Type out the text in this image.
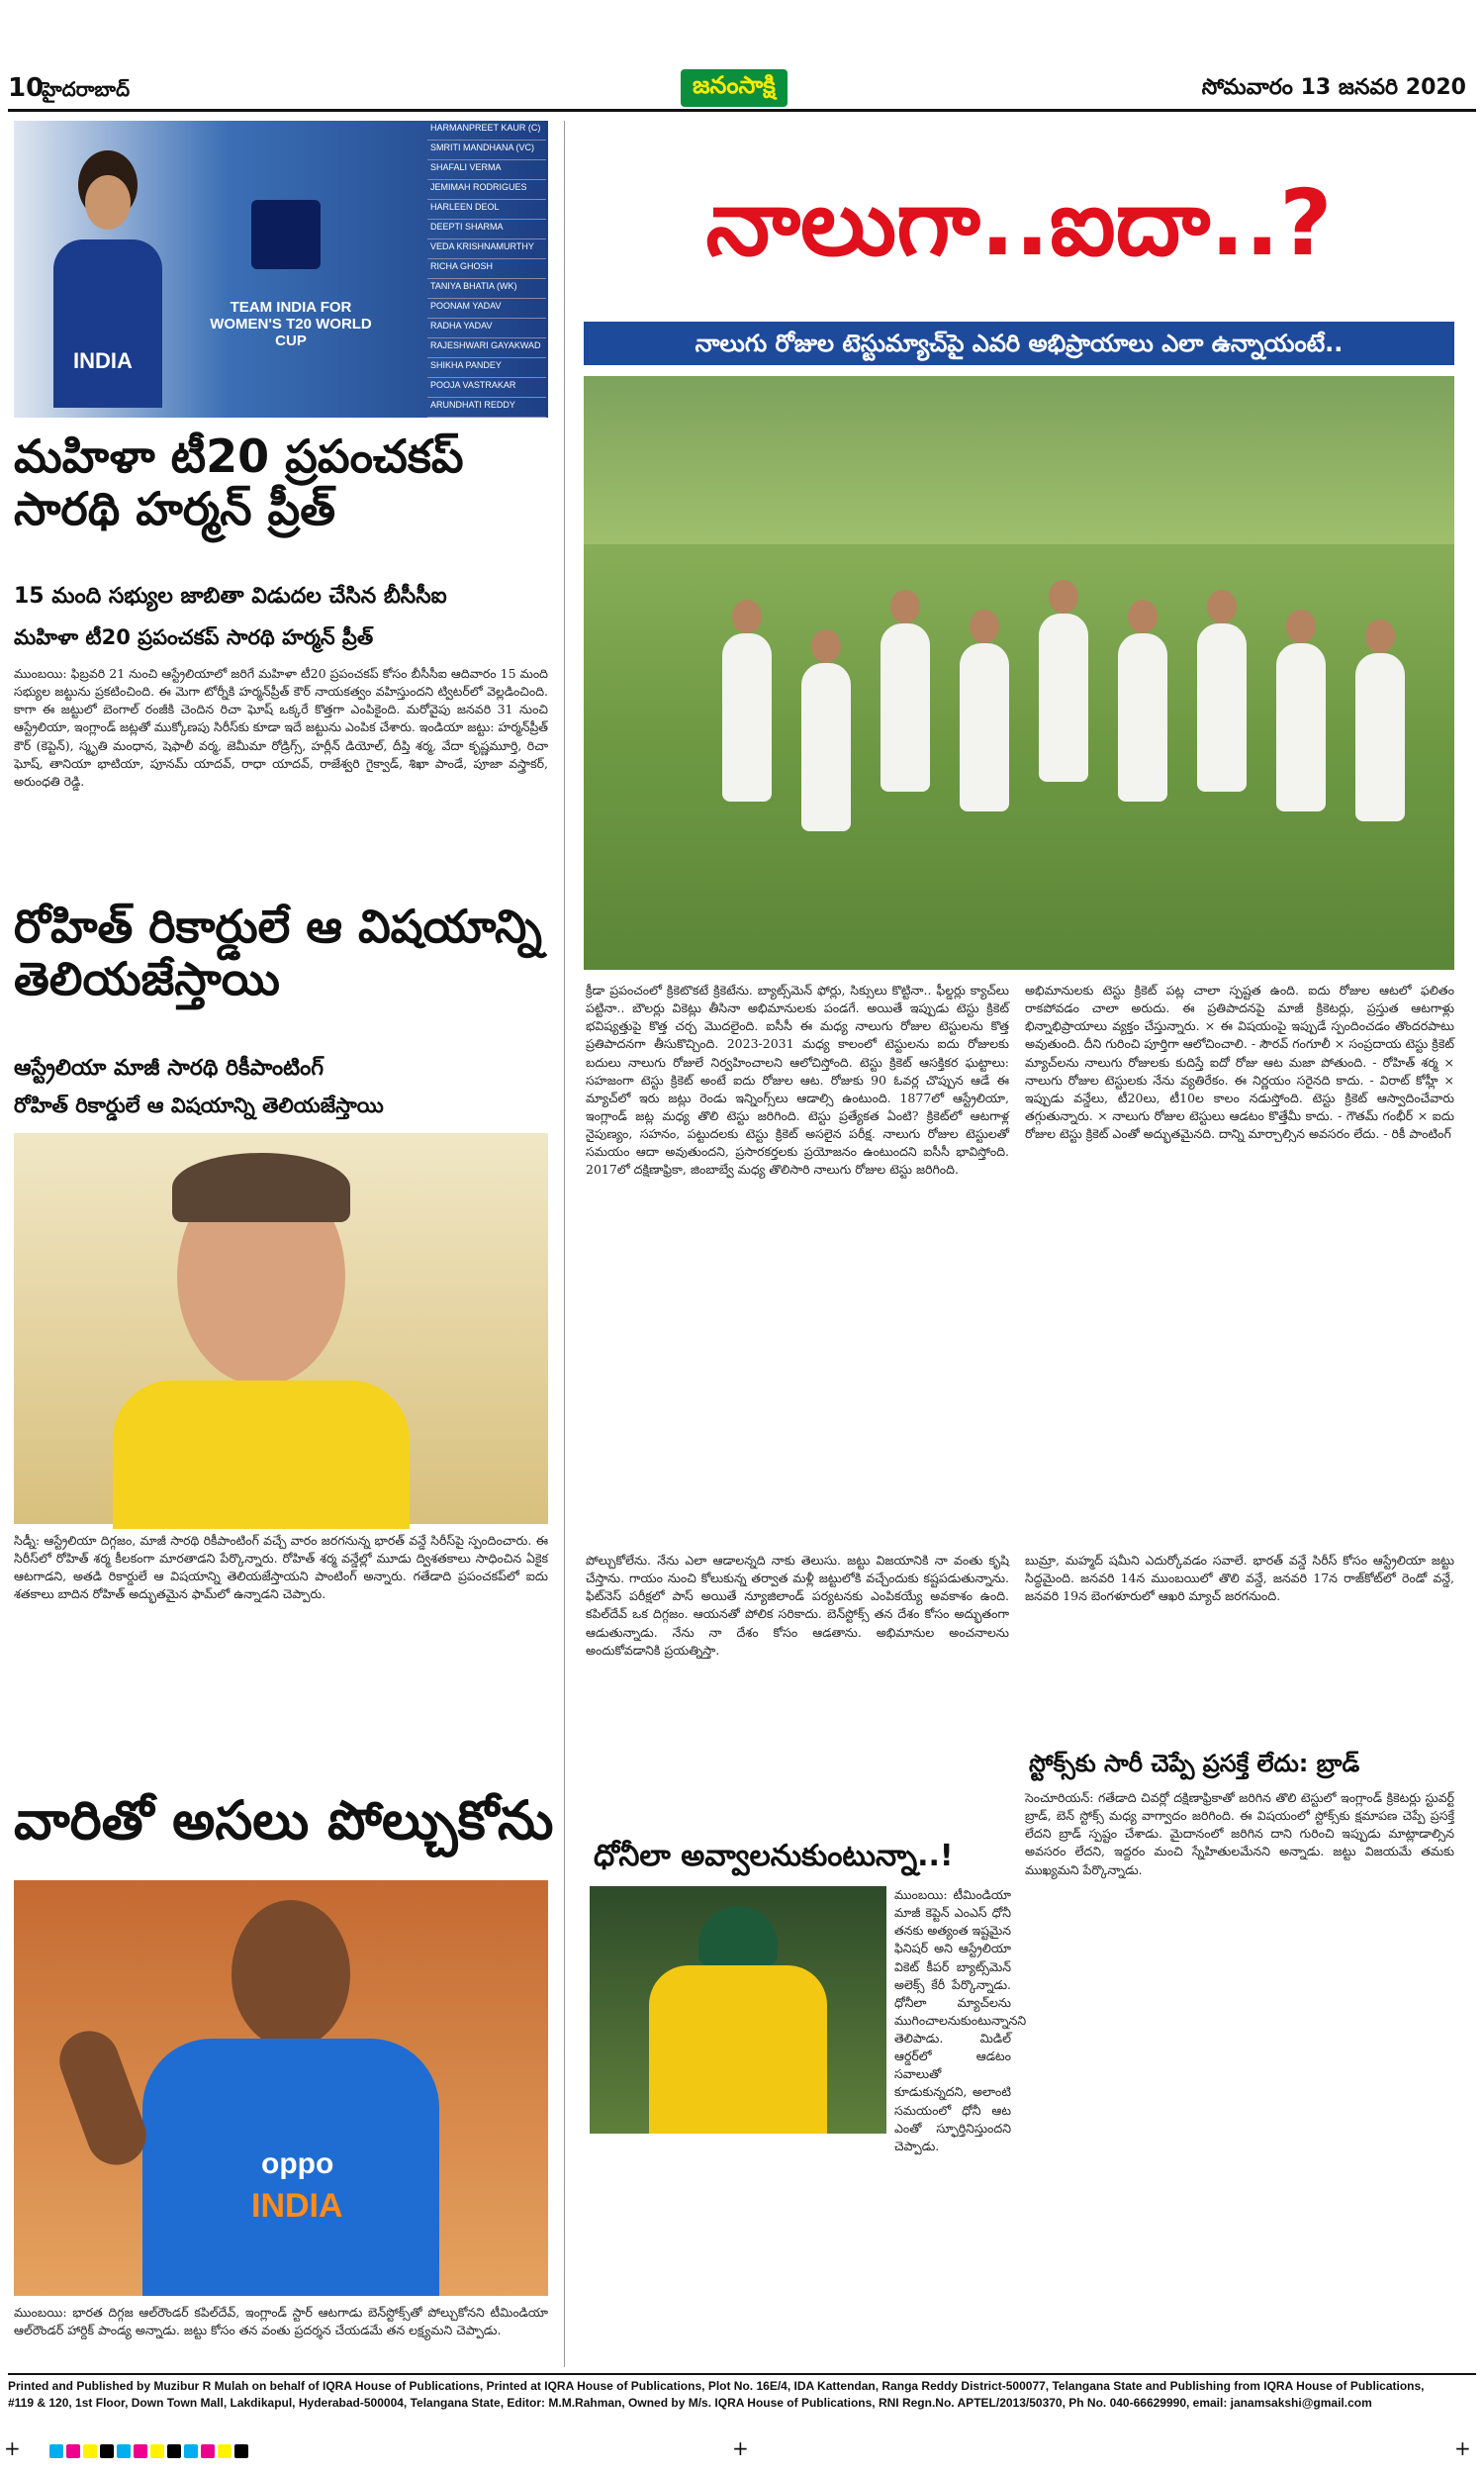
10
హైదరాబాద్	జనంసాక్షి	సోమవారం 13 జనవరి 2020
INDIA
TEAM INDIA FOR WOMEN'S T20 WORLD CUP
HARMANPREET KAUR (C)
SMRITI MANDHANA (VC)
SHAFALI VERMA
JEMIMAH RODRIGUES
HARLEEN DEOL
DEEPTI SHARMA
VEDA KRISHNAMURTHY
RICHA GHOSH
TANIYA BHATIA (WK)
POONAM YADAV
RADHA YADAV
RAJESHWARI GAYAKWAD
SHIKHA PANDEY
POOJA VASTRAKAR
ARUNDHATI REDDY
మహిళా టీ20 ప్రపంచకప్ సారథి హర్మన్ ప్రీత్
15 మంది సభ్యుల జాబితా విడుదల చేసిన బీసీసీఐ
మహిళా టీ20 ప్రపంచకప్ సారథి హర్మన్ ప్రీత్
ముంబయి: ఫిబ్రవరి 21 నుంచి ఆస్ట్రేలియాలో జరిగే మహిళా టీ20 ప్రపంచకప్ కోసం బీసీసీఐ ఆదివారం 15 మంది సభ్యుల జట్టును ప్రకటించింది. ఈ మెగా టోర్నీకి హర్మన్‌ప్రీత్ కౌర్ నాయకత్వం వహిస్తుందని ట్విటర్‌లో వెల్లడించింది. కాగా ఈ జట్టులో బెంగాల్ రంజీకి చెందిన రిచా ఘోష్ ఒక్కరే కొత్తగా ఎంపికైంది. మరోవైపు జనవరి 31 నుంచి ఆస్ట్రేలియా, ఇంగ్లాండ్ జట్లతో ముక్కోణపు సిరీస్‌కు కూడా ఇదే జట్టును ఎంపిక చేశారు. ఇండియా జట్టు: హర్మన్‌ప్రీత్ కౌర్ (కెప్టెన్), స్మృతి మంధాన, షెఫాలీ వర్మ, జెమీమా రోడ్రిగ్స్, హర్లీన్ డియోల్, దీప్తి శర్మ, వేదా కృష్ణమూర్తి, రిచా ఘోష్, తానియా భాటియా, పూనమ్ యాదవ్, రాధా యాదవ్, రాజేశ్వరి గైక్వాడ్, శిఖా పాండే, పూజా వస్త్రాకర్, అరుంధతి రెడ్డి.
రోహిత్ రికార్డులే ఆ విషయాన్ని తెలియజేస్తాయి
ఆస్ట్రేలియా మాజీ సారథి రికీపాంటింగ్
రోహిత్ రికార్డులే ఆ విషయాన్ని తెలియజేస్తాయి
సిడ్నీ: ఆస్ట్రేలియా దిగ్గజం, మాజీ సారథి రికీపాంటింగ్ వచ్చే వారం జరగనున్న భారత్ వన్డే సిరీస్‌పై స్పందించారు. ఈ సిరీస్‌లో రోహిత్ శర్మ కీలకంగా మారతాడని పేర్కొన్నారు. రోహిత్ శర్మ వన్డేల్లో మూడు ద్విశతకాలు సాధించిన ఏకైక ఆటగాడని, అతడి రికార్డులే ఆ విషయాన్ని తెలియజేస్తాయని పాంటింగ్ అన్నారు. గతేడాది ప్రపంచకప్‌లో ఐదు శతకాలు బాదిన రోహిత్ అద్భుతమైన ఫామ్‌లో ఉన్నాడని చెప్పారు.
వారితో అసలు పోల్చుకోను
oppo
INDIA
ముంబయి: భారత దిగ్గజ ఆల్‌రౌండర్ కపిల్‌దేవ్, ఇంగ్లాండ్ స్టార్ ఆటగాడు బెన్‌స్టోక్స్‌తో పోల్చుకోనని టీమిండియా ఆల్‌రౌండర్ హార్దిక్ పాండ్య అన్నాడు. జట్టు కోసం తన వంతు ప్రదర్శన చేయడమే తన లక్ష్యమని చెప్పాడు.
నాలుగా..ఐదా..?
నాలుగు రోజుల టెస్టుమ్యాచ్‌పై ఎవరి అభిప్రాయాలు ఎలా ఉన్నాయంటే..
క్రీడా ప్రపంచంలో క్రికెటొకటే క్రికెటేను. బ్యాట్స్‌మెన్ ఫోర్లు, సిక్సులు కొట్టినా.. ఫీల్డర్లు క్యాచ్‌లు పట్టినా.. బౌలర్లు వికెట్లు తీసినా అభిమానులకు పండగే. అయితే ఇప్పుడు టెస్టు క్రికెట్ భవిష్యత్తుపై కొత్త చర్చ మొదలైంది. ఐసీసీ ఈ మధ్య నాలుగు రోజుల టెస్టులను కొత్త ప్రతిపాదనగా తీసుకొచ్చింది. 2023-2031 మధ్య కాలంలో టెస్టులను ఐదు రోజులకు బదులు నాలుగు రోజులే నిర్వహించాలని ఆలోచిస్తోంది. టెస్టు క్రికెట్ ఆసక్తికర ఘట్టాలు: సహజంగా టెస్టు క్రికెట్ అంటే ఐదు రోజుల ఆట. రోజుకు 90 ఓవర్ల చొప్పున ఆడే ఈ మ్యాచ్‌లో ఇరు జట్లు రెండు ఇన్నింగ్స్‌లు ఆడాల్సి ఉంటుంది. 1877లో ఆస్ట్రేలియా, ఇంగ్లాండ్ జట్ల మధ్య తొలి టెస్టు జరిగింది. టెస్టు ప్రత్యేకత ఏంటి? క్రికెట్‌లో ఆటగాళ్ల నైపుణ్యం, సహనం, పట్టుదలకు టెస్టు క్రికెట్ అసలైన పరీక్ష. నాలుగు రోజుల టెస్టులతో సమయం ఆదా అవుతుందని, ప్రసారకర్తలకు ప్రయోజనం ఉంటుందని ఐసీసీ భావిస్తోంది. 2017లో దక్షిణాఫ్రికా, జింబాబ్వే మధ్య తొలిసారి నాలుగు రోజుల టెస్టు జరిగింది.
అభిమానులకు టెస్టు క్రికెట్ పట్ల చాలా స్పష్టత ఉంది. ఐదు రోజుల ఆటలో ఫలితం రాకపోవడం చాలా అరుదు. ఈ ప్రతిపాదనపై మాజీ క్రికెటర్లు, ప్రస్తుత ఆటగాళ్లు భిన్నాభిప్రాయాలు వ్యక్తం చేస్తున్నారు. × ఈ విషయంపై ఇప్పుడే స్పందించడం తొందరపాటు అవుతుంది. దీని గురించి పూర్తిగా ఆలోచించాలి. - సౌరవ్ గంగూలీ × సంప్రదాయ టెస్టు క్రికెట్ మ్యాచ్‌లను నాలుగు రోజులకు కుదిస్తే ఐదో రోజు ఆట మజా పోతుంది. - రోహిత్ శర్మ × నాలుగు రోజుల టెస్టులకు నేను వ్యతిరేకం. ఈ నిర్ణయం సరైనది కాదు. - విరాట్ కోహ్లీ × ఇప్పుడు వన్డేలు, టీ20లు, టీ10ల కాలం నడుస్తోంది. టెస్టు క్రికెట్ ఆస్వాదించేవారు తగ్గుతున్నారు. × నాలుగు రోజుల టెస్టులు ఆడటం కొత్తేమీ కాదు. - గౌతమ్ గంభీర్ × ఐదు రోజుల టెస్టు క్రికెట్ ఎంతో అద్భుతమైనది. దాన్ని మార్చాల్సిన అవసరం లేదు. - రికీ పాంటింగ్
పోల్చుకోలేను. నేను ఎలా ఆడాలన్నది నాకు తెలుసు. జట్టు విజయానికి నా వంతు కృషి చేస్తాను. గాయం నుంచి కోలుకున్న తర్వాత మళ్లీ జట్టులోకి వచ్చేందుకు కష్టపడుతున్నాను. ఫిట్‌నెస్ పరీక్షలో పాస్ అయితే న్యూజిలాండ్ పర్యటనకు ఎంపికయ్యే అవకాశం ఉంది. కపిల్‌దేవ్ ఒక దిగ్గజం. ఆయనతో పోలిక సరికాదు. బెన్‌స్టోక్స్ తన దేశం కోసం అద్భుతంగా ఆడుతున్నాడు. నేను నా దేశం కోసం ఆడతాను. అభిమానుల అంచనాలను అందుకోవడానికి ప్రయత్నిస్తా.
బుమ్రా, మహ్మద్ షమీని ఎదుర్కోవడం సవాలే. భారత్ వన్డే సిరీస్ కోసం ఆస్ట్రేలియా జట్టు సిద్ధమైంది. జనవరి 14న ముంబయిలో తొలి వన్డే, జనవరి 17న రాజ్‌కోట్‌లో రెండో వన్డే, జనవరి 19న బెంగళూరులో ఆఖరి మ్యాచ్ జరగనుంది.
ధోనీలా అవ్వాలనుకుంటున్నా..!
ముంబయి: టీమిండియా మాజీ కెప్టెన్ ఎంఎస్ ధోనీ తనకు అత్యంత ఇష్టమైన ఫినిషర్ అని ఆస్ట్రేలియా వికెట్ కీపర్ బ్యాట్స్‌మెన్ అలెక్స్ కేరీ పేర్కొన్నాడు. ధోనీలా మ్యాచ్‌లను ముగించాలనుకుంటున్నానని తెలిపాడు. మిడిల్ ఆర్డర్‌లో ఆడటం సవాలుతో కూడుకున్నదని, అలాంటి సమయంలో ధోనీ ఆట ఎంతో స్ఫూర్తినిస్తుందని చెప్పాడు.
స్టోక్స్‌కు సారీ చెప్పే ప్రసక్తే లేదు: బ్రాడ్
సెంచూరియన్: గతేడాది చివర్లో దక్షిణాఫ్రికాతో జరిగిన తొలి టెస్టులో ఇంగ్లాండ్ క్రికెటర్లు స్టువర్ట్ బ్రాడ్, బెన్ స్టోక్స్ మధ్య వాగ్వాదం జరిగింది. ఈ విషయంలో స్టోక్స్‌కు క్షమాపణ చెప్పే ప్రసక్తే లేదని బ్రాడ్ స్పష్టం చేశాడు. మైదానంలో జరిగిన దాని గురించి ఇప్పుడు మాట్లాడాల్సిన అవసరం లేదని, ఇద్దరం మంచి స్నేహితులమేనని అన్నాడు. జట్టు విజయమే తమకు ముఖ్యమని పేర్కొన్నాడు.
Printed and Published by Muzibur R Mulah on behalf of IQRA House of Publications, Printed at IQRA House of Publications, Plot No. 16E/4, IDA Kattendan, Ranga Reddy District-500077, Telangana State and Publishing from IQRA House of Publications,
#119 & 120, 1st Floor, Down Town Mall, Lakdikapul, Hyderabad-500004, Telangana State, Editor: M.M.Rahman, Owned by M/s. IQRA House of Publications, RNI Regn.No. APTEL/2013/50370, Ph No. 040-66629990, email: janamsakshi@gmail.com
+	+	+
